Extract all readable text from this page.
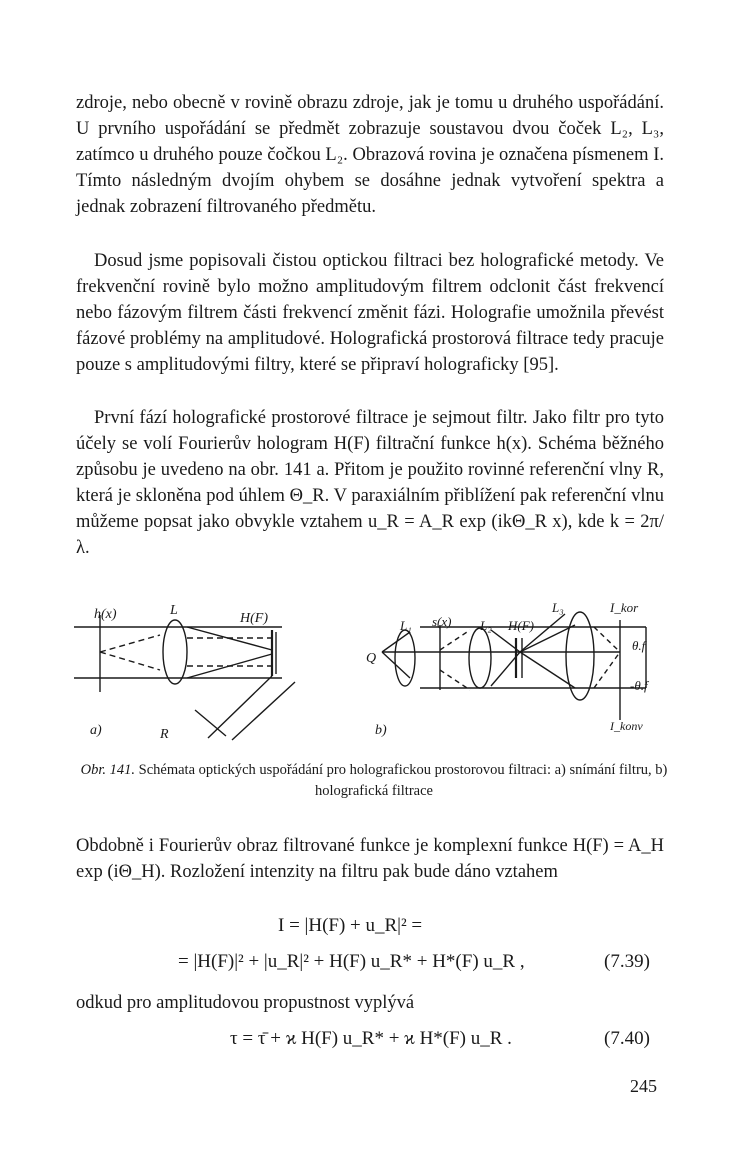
zdroje, nebo obecně v rovině obrazu zdroje, jak je tomu u druhého uspořádání. U prvního uspořádání se předmět zobrazuje soustavou dvou čoček L₂, L₃, zatímco u druhého pouze čočkou L₂. Obrazová rovina je označena písmenem I. Tímto následným dvojím ohybem se dosáhne jednak vytvoření spektra a jednak zobrazení filtrovaného předmětu.

Dosud jsme popisovali čistou optickou filtraci bez holografické metody. Ve frekvenční rovině bylo možno amplitudovým filtrem odclonit část frekvencí nebo fázovým filtrem části frekvencí změnit fázi. Holografie umožnila převést fázové problémy na amplitudové. Holografická prostorová filtrace tedy pracuje pouze s amplitudovými filtry, které se připraví holograficky [95].

První fází holografické prostorové filtrace je sejmout filtr. Jako filtr pro tyto účely se volí Fourierův hologram H(F) filtrační funkce h(x). Schéma běžného způsobu je uvedeno na obr. 141 a. Přitom je použito rovinné referenční vlny R, která je skloněna pod úhlem Θ_R. V paraxiálním přiblížení pak referenční vlnu můžeme popsat jako obvykle vztahem u_R = A_R exp (ikΘ_R x), kde k = 2π/λ.

h(x)	L
H(F)
R
a)
L₁ s(x) L₂ H(F)
L₃	I_kor
Q
θ.f
-θ.f
I_konv
b)

Obr. 141. Schémata optických uspořádání pro holografickou prostorovou filtraci: a) snímání filtru, b) holografická filtrace

Obdobně i Fourierův obraz filtrované funkce je komplexní funkce H(F) = A_H exp (iΘ_H). Rozložení intenzity na filtru pak bude dáno vztahem

I = |H(F) + u_R|² =
= |H(F)|² + |u_R|² + H(F) u_R* + H*(F) u_R ,	(7.39)

odkud pro amplitudovou propustnost vyplývá

τ = τ̄ + ϰ H(F) u_R* + ϰ H*(F) u_R .	(7.40)
245
